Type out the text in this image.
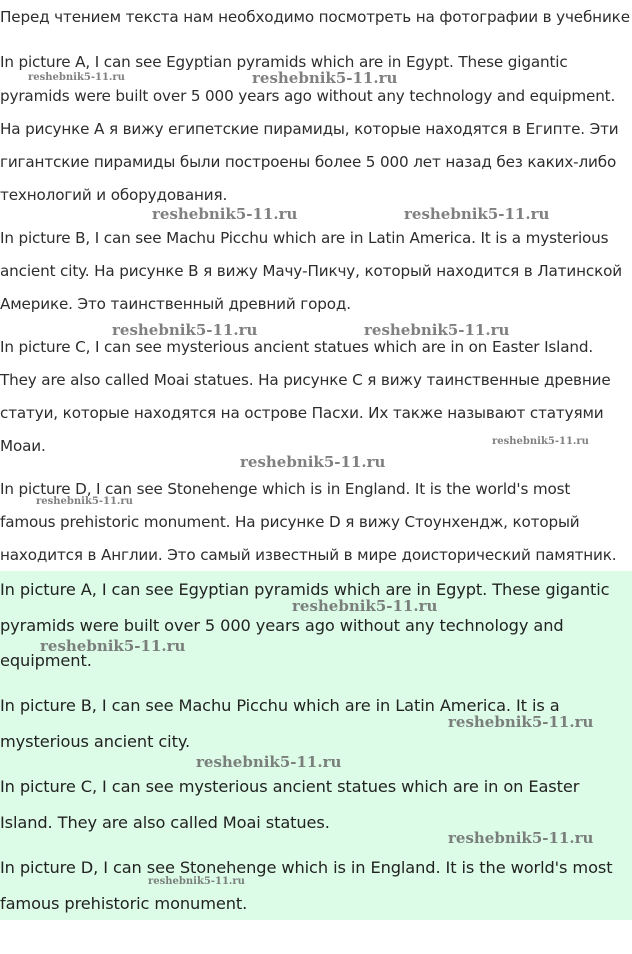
Перед чтением текста нам необходимо посмотреть на фотографии в учебнике
In picture A, I can see Egyptian pyramids which are in Egypt. These gigantic
pyramids were built over 5 000 years ago without any technology and equipment.
На рисунке A я вижу египетские пирамиды, которые находятся в Египте. Эти
гигантские пирамиды были построены более 5 000 лет назад без каких-либо
технологий и оборудования.
In picture B, I can see Machu Picchu which are in Latin America. It is a mysterious
ancient city. На рисунке B я вижу Мачу-Пикчу, который находится в Латинской
Америке. Это таинственный древний город.
In picture C, I can see mysterious ancient statues which are in on Easter Island.
They are also called Moai statues. На рисунке C я вижу таинственные древние
статуи, которые находятся на острове Пасхи. Их также называют статуями
Моаи.
In picture D, I can see Stonehenge which is in England. It is the world's most
famous prehistoric monument. На рисунке D я вижу Стоунхендж, который
находится в Англии. Это самый известный в мире доисторический памятник.
In picture A, I can see Egyptian pyramids which are in Egypt. These gigantic
pyramids were built over 5 000 years ago without any technology and
equipment.
In picture B, I can see Machu Picchu which are in Latin America. It is a
mysterious ancient city.
In picture C, I can see mysterious ancient statues which are in on Easter
Island. They are also called Moai statues.
In picture D, I can see Stonehenge which is in England. It is the world's most
famous prehistoric monument.
reshebnik5-11.ru	reshebnik5-11.ru
reshebnik5-11.ru	reshebnik5-11.ru
reshebnik5-11.ru	reshebnik5-11.ru
reshebnik5-11.ru
reshebnik5-11.ru
reshebnik5-11.ru
reshebnik5-11.ru
reshebnik5-11.ru
reshebnik5-11.ru
reshebnik5-11.ru
reshebnik5-11.ru
reshebnik5-11.ru
